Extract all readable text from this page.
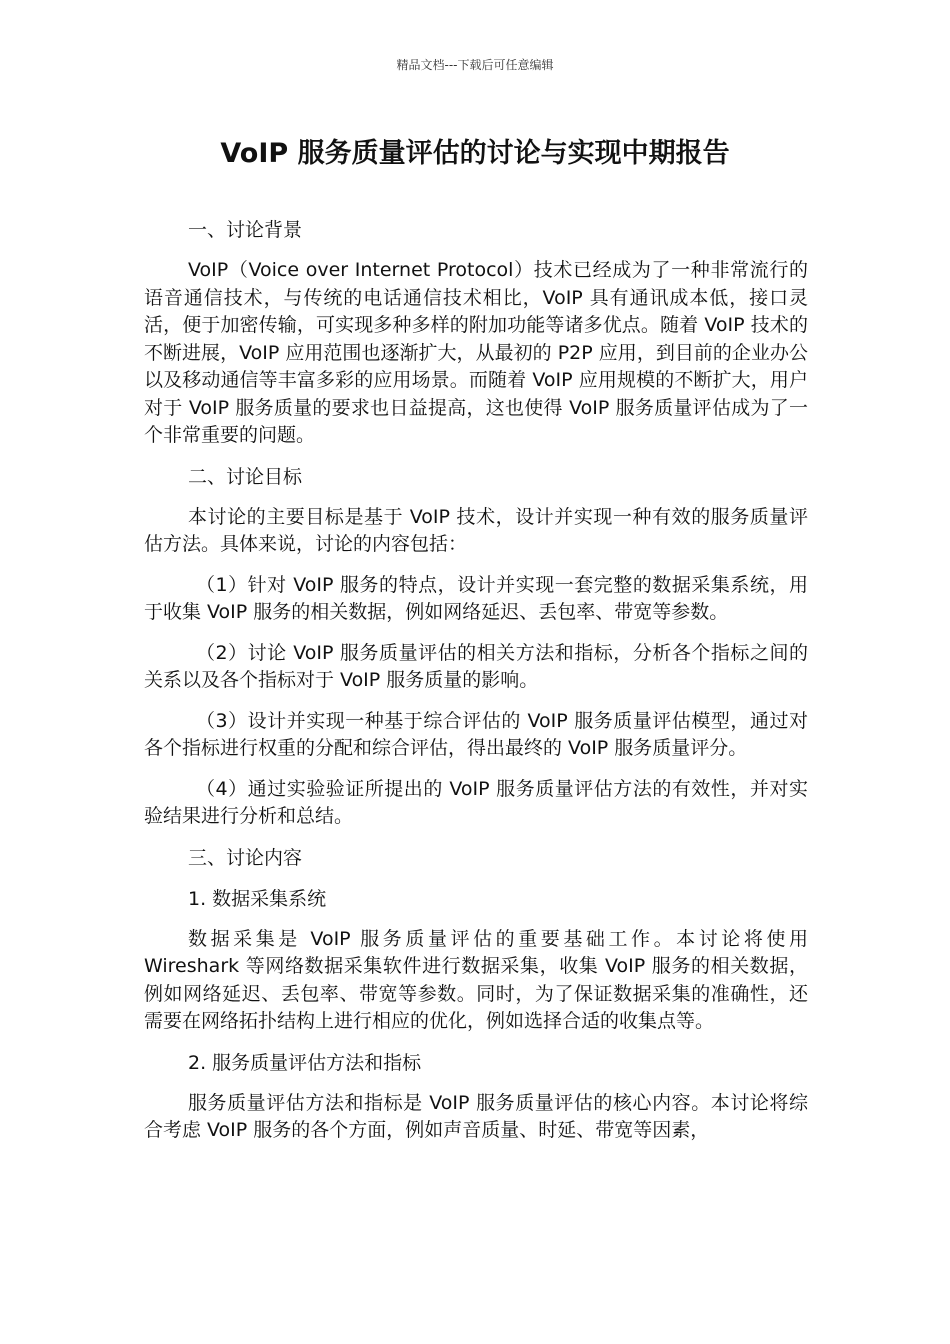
精品文档---下载后可任意编辑
VoIP 服务质量评估的讨论与实现中期报告
一、讨论背景

VoIP（Voice over Internet Protocol）技术已经成为了一种非常流行的语音通信技术，与传统的电话通信技术相比，VoIP 具有通讯成本低，接口灵活，便于加密传输，可实现多种多样的附加功能等诸多优点。随着 VoIP 技术的不断进展，VoIP 应用范围也逐渐扩大，从最初的 P2P 应用，到目前的企业办公以及移动通信等丰富多彩的应用场景。而随着 VoIP 应用规模的不断扩大，用户对于 VoIP 服务质量的要求也日益提高，这也使得 VoIP 服务质量评估成为了一个非常重要的问题。

二、讨论目标

本讨论的主要目标是基于 VoIP 技术，设计并实现一种有效的服务质量评估方法。具体来说，讨论的内容包括：

（1）针对 VoIP 服务的特点，设计并实现一套完整的数据采集系统，用于收集 VoIP 服务的相关数据，例如网络延迟、丢包率、带宽等参数。

（2）讨论 VoIP 服务质量评估的相关方法和指标，分析各个指标之间的关系以及各个指标对于 VoIP 服务质量的影响。

（3）设计并实现一种基于综合评估的 VoIP 服务质量评估模型，通过对各个指标进行权重的分配和综合评估，得出最终的 VoIP 服务质量评分。

（4）通过实验验证所提出的 VoIP 服务质量评估方法的有效性，并对实验结果进行分析和总结。

三、讨论内容
1. 数据采集系统

数据采集是 VoIP 服务质量评估的重要基础工作。本讨论将使用 Wireshark 等网络数据采集软件进行数据采集，收集 VoIP 服务的相关数据，例如网络延迟、丢包率、带宽等参数。同时，为了保证数据采集的准确性，还需要在网络拓扑结构上进行相应的优化，例如选择合适的收集点等。

2. 服务质量评估方法和指标

服务质量评估方法和指标是 VoIP 服务质量评估的核心内容。本讨论将综合考虑 VoIP 服务的各个方面，例如声音质量、时延、带宽等因素，
